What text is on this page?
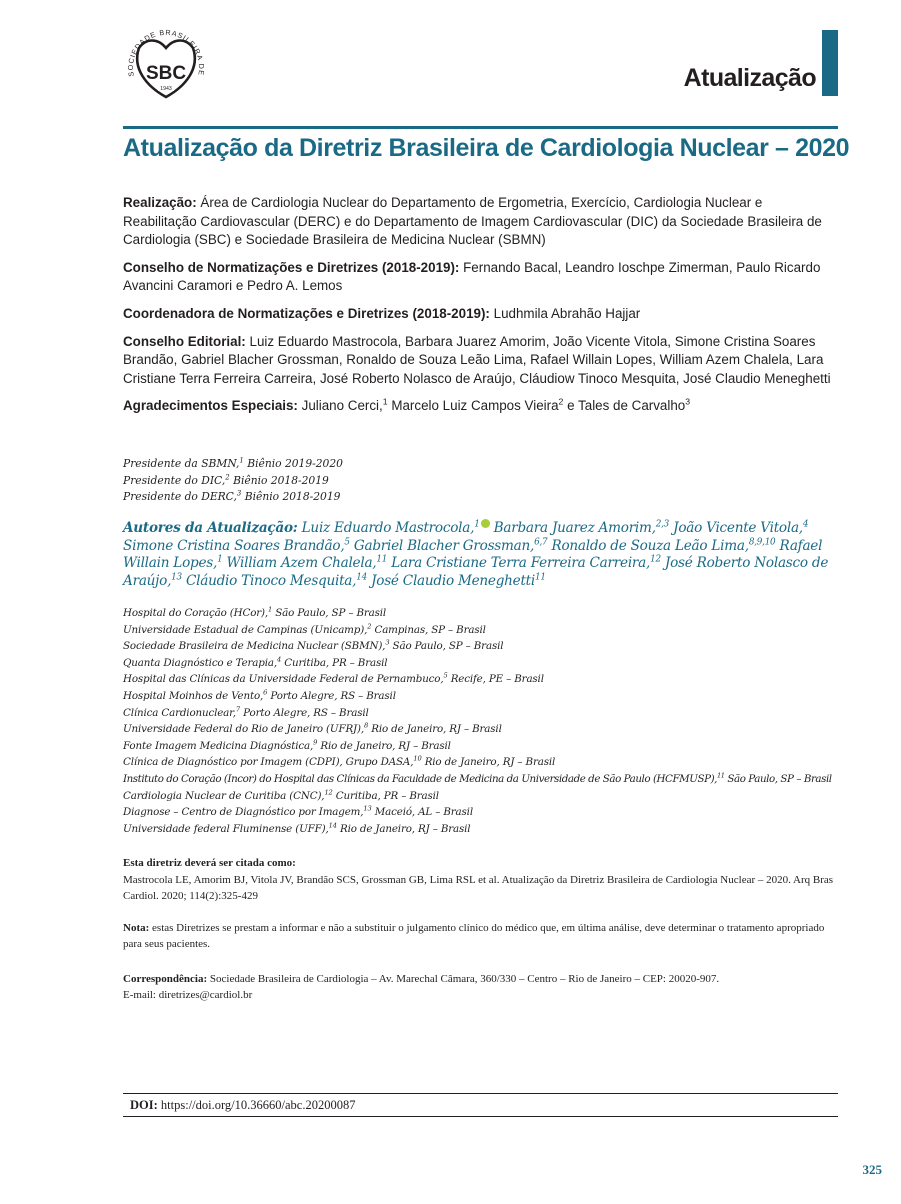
SOCIEDADE BRASILEIRA DE
SBC
1943	Atualização
Atualização da Diretriz Brasileira de Cardiologia Nuclear – 2020

Realização: Área de Cardiologia Nuclear do Departamento de Ergometria, Exercício, Cardiologia Nuclear e Reabilitação Cardiovascular (DERC) e do Departamento de Imagem Cardiovascular (DIC) da Sociedade Brasileira de Cardiologia (SBC) e Sociedade Brasileira de Medicina Nuclear (SBMN)

Conselho de Normatizações e Diretrizes (2018-2019): Fernando Bacal, Leandro Ioschpe Zimerman, Paulo Ricardo Avancini Caramori e Pedro A. Lemos

Coordenadora de Normatizações e Diretrizes (2018-2019): Ludhmila Abrahão Hajjar

Conselho Editorial: Luiz Eduardo Mastrocola, Barbara Juarez Amorim, João Vicente Vitola, Simone Cristina Soares Brandão, Gabriel Blacher Grossman, Ronaldo de Souza Leão Lima, Rafael Willain Lopes, William Azem Chalela, Lara Cristiane Terra Ferreira Carreira, José Roberto Nolasco de Araújo, Cláudiow Tinoco Mesquita, José Claudio Meneghetti

Agradecimentos Especiais: Juliano Cerci,$^1$ Marcelo Luiz Campos Vieira$^2$ e Tales de Carvalho$^3$

Presidente da SBMN,$^1$ Biênio 2019-2020
Presidente do DIC,$^2$ Biênio 2018-2019
Presidente do DERC,$^3$ Biênio 2018-2019
Autores da Atualização: Luiz Eduardo Mastrocola,$^1$ Barbara Juarez Amorim,$^{2,3}$ João Vicente Vitola,$^4$ Simone Cristina Soares Brandão,$^5$ Gabriel Blacher Grossman,$^{6,7}$ Ronaldo de Souza Leão Lima,$^{8,9,10}$ Rafael Willain Lopes,$^1$ William Azem Chalela,$^{11}$ Lara Cristiane Terra Ferreira Carreira,$^{12}$ José Roberto Nolasco de Araújo,$^{13}$ Cláudio Tinoco Mesquita,$^{14}$ José Claudio Meneghetti$^{11}$
Hospital do Coração (HCor),$^1$ São Paulo, SP – Brasil
Universidade Estadual de Campinas (Unicamp),$^2$ Campinas, SP – Brasil
Sociedade Brasileira de Medicina Nuclear (SBMN),$^3$ São Paulo, SP – Brasil
Quanta Diagnóstico e Terapia,$^4$ Curitiba, PR – Brasil
Hospital das Clínicas da Universidade Federal de Pernambuco,$^5$ Recife, PE – Brasil
Hospital Moinhos de Vento,$^6$ Porto Alegre, RS – Brasil
Clínica Cardionuclear,$^7$ Porto Alegre, RS – Brasil
Universidade Federal do Rio de Janeiro (UFRJ),$^8$ Rio de Janeiro, RJ – Brasil
Fonte Imagem Medicina Diagnóstica,$^9$ Rio de Janeiro, RJ – Brasil
Clínica de Diagnóstico por Imagem (CDPI), Grupo DASA,$^{10}$ Rio de Janeiro, RJ – Brasil
Instituto do Coração (Incor) do Hospital das Clínicas da Faculdade de Medicina da Universidade de São Paulo (HCFMUSP),$^{11}$ São Paulo, SP – Brasil
Cardiologia Nuclear de Curitiba (CNC),$^{12}$ Curitiba, PR – Brasil
Diagnose – Centro de Diagnóstico por Imagem,$^{13}$ Maceió, AL – Brasil
Universidade federal Fluminense (UFF),$^{14}$ Rio de Janeiro, RJ – Brasil
Esta diretriz deverá ser citada como:
Mastrocola LE, Amorim BJ, Vitola JV, Brandão SCS, Grossman GB, Lima RSL et al. Atualização da Diretriz Brasileira de Cardiologia Nuclear – 2020. Arq Bras Cardiol. 2020; 114(2):325-429
Nota: estas Diretrizes se prestam a informar e não a substituir o julgamento clínico do médico que, em última análise, deve determinar o tratamento apropriado para seus pacientes.
Correspondência: Sociedade Brasileira de Cardiologia – Av. Marechal Câmara, 360/330 – Centro – Rio de Janeiro – CEP: 20020-907.
E-mail: diretrizes@cardiol.br
DOI: https://doi.org/10.36660/abc.20200087
325
